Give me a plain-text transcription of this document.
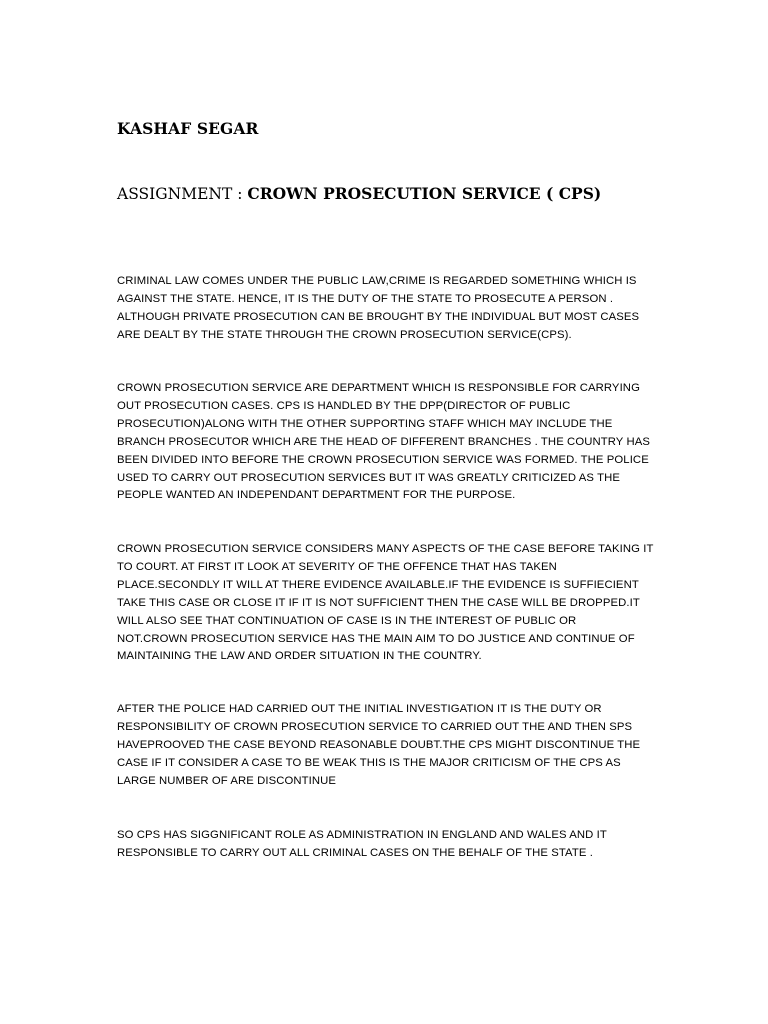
KASHAF SEGAR

ASSIGNMENT : CROWN PROSECUTION SERVICE ( CPS)

CRIMINAL LAW COMES UNDER THE PUBLIC LAW,CRIME IS REGARDED SOMETHING WHICH IS
AGAINST THE STATE. HENCE, IT IS THE DUTY OF THE STATE TO PROSECUTE A PERSON .
ALTHOUGH PRIVATE PROSECUTION CAN BE BROUGHT BY THE INDIVIDUAL BUT MOST CASES
ARE DEALT BY THE STATE THROUGH THE CROWN PROSECUTION SERVICE(CPS).
CROWN PROSECUTION SERVICE ARE DEPARTMENT WHICH IS RESPONSIBLE FOR CARRYING
OUT PROSECUTION CASES. CPS IS HANDLED BY THE DPP(DIRECTOR OF PUBLIC
PROSECUTION)ALONG WITH THE OTHER SUPPORTING STAFF WHICH MAY INCLUDE THE
BRANCH PROSECUTOR WHICH ARE THE HEAD OF DIFFERENT BRANCHES . THE COUNTRY HAS
BEEN DIVIDED INTO BEFORE THE CROWN PROSECUTION SERVICE WAS FORMED. THE POLICE
USED TO CARRY OUT PROSECUTION SERVICES BUT IT WAS GREATLY CRITICIZED AS THE
PEOPLE WANTED AN INDEPENDANT DEPARTMENT FOR THE PURPOSE.
CROWN PROSECUTION SERVICE CONSIDERS MANY ASPECTS OF THE CASE BEFORE TAKING IT
TO COURT. AT FIRST IT LOOK AT SEVERITY OF THE OFFENCE THAT HAS TAKEN
PLACE.SECONDLY IT WILL AT THERE EVIDENCE AVAILABLE.IF THE EVIDENCE IS SUFFIECIENT
TAKE THIS CASE OR CLOSE IT IF IT IS NOT SUFFICIENT THEN THE CASE WILL BE DROPPED.IT
WILL ALSO SEE THAT CONTINUATION OF CASE IS IN THE INTEREST OF PUBLIC OR
NOT.CROWN PROSECUTION SERVICE HAS THE MAIN AIM TO DO JUSTICE AND CONTINUE OF
MAINTAINING THE LAW AND ORDER SITUATION IN THE COUNTRY.
AFTER THE POLICE HAD CARRIED OUT THE INITIAL INVESTIGATION IT IS THE DUTY OR
RESPONSIBILITY OF CROWN PROSECUTION SERVICE TO CARRIED OUT THE AND THEN SPS
HAVEPROOVED THE CASE BEYOND REASONABLE DOUBT.THE CPS MIGHT DISCONTINUE THE
CASE IF IT CONSIDER A CASE TO BE WEAK THIS IS THE MAJOR CRITICISM OF THE CPS AS
LARGE NUMBER OF ARE DISCONTINUE
SO CPS HAS SIGGNIFICANT ROLE AS ADMINISTRATION IN ENGLAND AND WALES AND IT
RESPONSIBLE TO CARRY OUT ALL CRIMINAL CASES ON THE BEHALF OF THE STATE .
